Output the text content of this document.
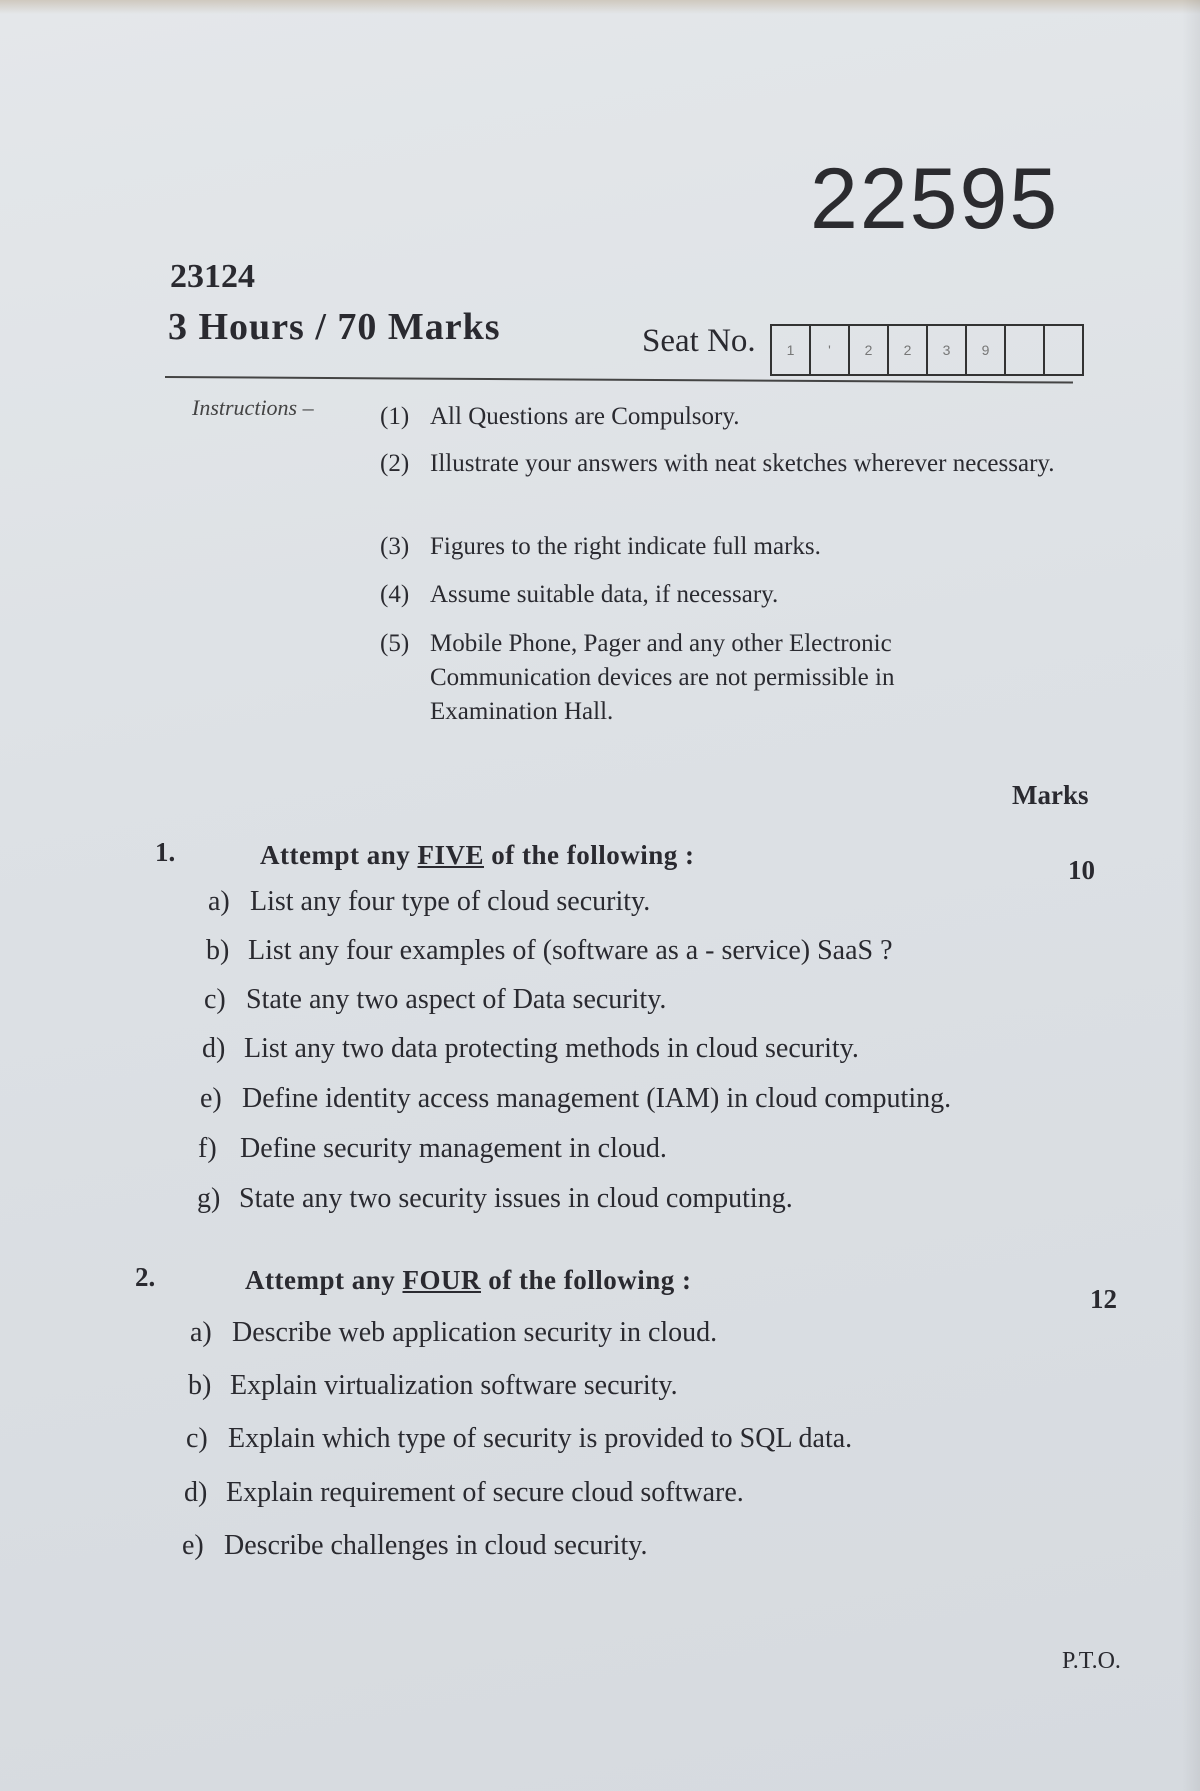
22595
23124
3 Hours / 70 Marks	Seat No.	1	'	2	2	3	9
Instructions –	(1) All Questions are Compulsory.
(2) Illustrate your answers with neat sketches wherever necessary.
(3) Figures to the right indicate full marks.
(4) Assume suitable data, if necessary.
(5) Mobile Phone, Pager and any other Electronic Communication devices are not permissible in Examination Hall.
Marks
1.	Attempt any FIVE of the following :	10
a) List any four type of cloud security.
b) List any four examples of (software as a - service) SaaS ?
c) State any two aspect of Data security.
d) List any two data protecting methods in cloud security.
e) Define identity access management (IAM) in cloud computing.
f) Define security management in cloud.
g) State any two security issues in cloud computing.
2.	Attempt any FOUR of the following :
12
a) Describe web application security in cloud.
b) Explain virtualization software security.
c) Explain which type of security is provided to SQL data.
d) Explain requirement of secure cloud software.
e) Describe challenges in cloud security.
P.T.O.
